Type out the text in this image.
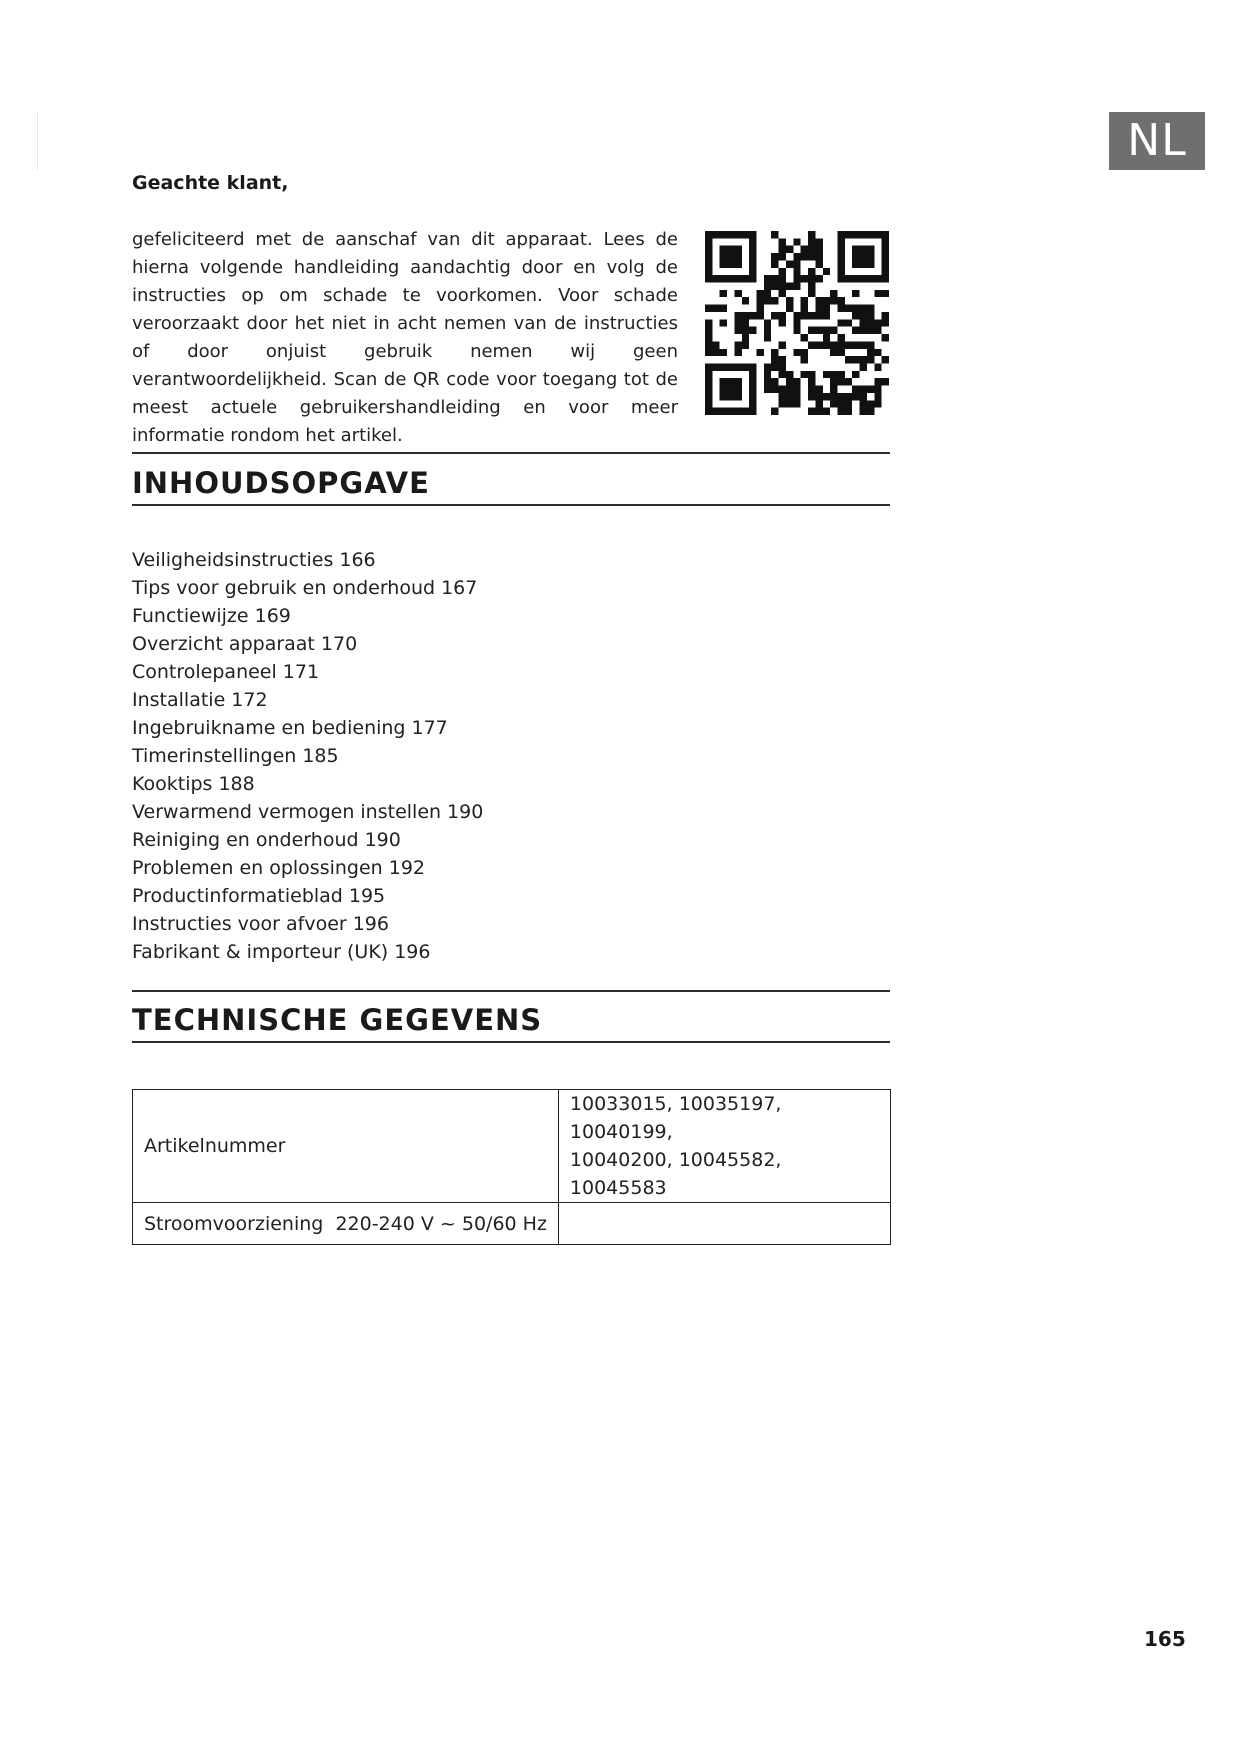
NL
Geachte klant,

gefeliciteerd met de aanschaf van dit apparaat. Lees de hierna volgende handleiding aandachtig door en volg de instructies op om schade te voorkomen. Voor schade veroorzaakt door het niet in acht nemen van de instructies of door onjuist gebruik nemen wij geen verantwoordelijkheid. Scan de QR code voor toegang tot de meest actuele gebruikershandleiding en voor meer informatie rondom het artikel.

INHOUDSOPGAVE
Veiligheidsinstructies 166
Tips voor gebruik en onderhoud 167
Functiewijze 169
Overzicht apparaat 170
Controlepaneel 171
Installatie 172
Ingebruikname en bediening 177
Timerinstellingen 185
Kooktips 188
Verwarmend vermogen instellen 190
Reiniging en onderhoud 190
Problemen en oplossingen 192
Productinformatieblad 195
Instructies voor afvoer 196
Fabrikant & importeur (UK) 196
TECHNISCHE GEGEVENS
Artikelnummer	10033015, 10035197, 10040199,
10040200, 10045582, 10045583
Stroomvoorziening 220-240 V ~ 50/60 Hz	
165
